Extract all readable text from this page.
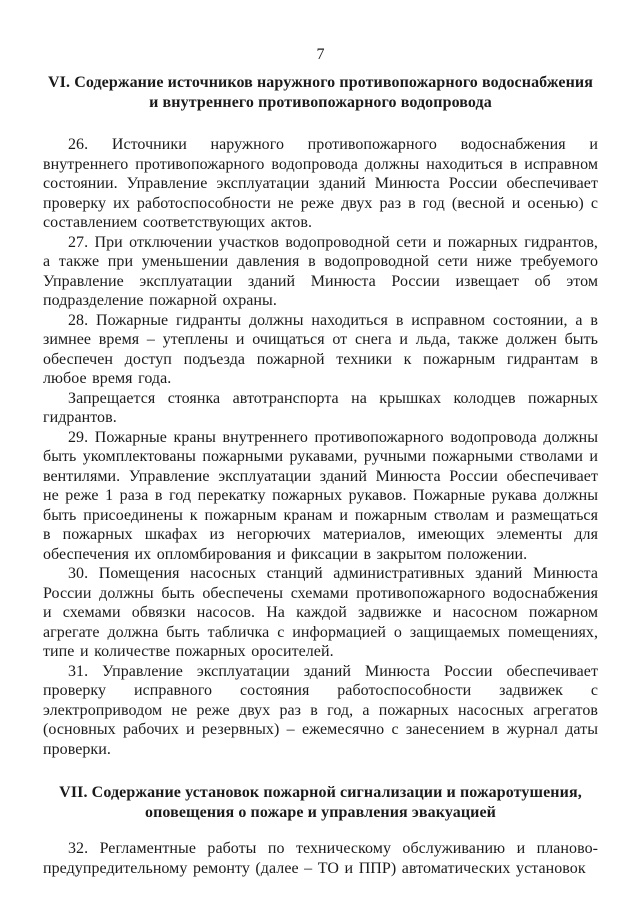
7
VI. Содержание источников наружного противопожарного водоснабжения
и внутреннего противопожарного водопровода

26. Источники наружного противопожарного водоснабжения и внутреннего противопожарного водопровода должны находиться в исправном состоянии. Управление эксплуатации зданий Минюста России обеспечивает проверку их работоспособности не реже двух раз в год (весной и осенью) с составлением соответствующих актов.

27. При отключении участков водопроводной сети и пожарных гидрантов, а также при уменьшении давления в водопроводной сети ниже требуемого Управление эксплуатации зданий Минюста России извещает об этом подразделение пожарной охраны.

28. Пожарные гидранты должны находиться в исправном состоянии, а в зимнее время – утеплены и очищаться от снега и льда, также должен быть обеспечен доступ подъезда пожарной техники к пожарным гидрантам в любое время года.

Запрещается стоянка автотранспорта на крышках колодцев пожарных гидрантов.

29. Пожарные краны внутреннего противопожарного водопровода должны быть укомплектованы пожарными рукавами, ручными пожарными стволами и вентилями. Управление эксплуатации зданий Минюста России обеспечивает не реже 1 раза в год перекатку пожарных рукавов. Пожарные рукава должны быть присоединены к пожарным кранам и пожарным стволам и размещаться в пожарных шкафах из негорючих материалов, имеющих элементы для обеспечения их опломбирования и фиксации в закрытом положении.

30. Помещения насосных станций административных зданий Минюста России должны быть обеспечены схемами противопожарного водоснабжения и схемами обвязки насосов. На каждой задвижке и насосном пожарном агрегате должна быть табличка с информацией о защищаемых помещениях, типе и количестве пожарных оросителей.

31. Управление эксплуатации зданий Минюста России обеспечивает проверку исправного состояния работоспособности задвижек с электроприводом не реже двух раз в год, а пожарных насосных агрегатов (основных рабочих и резервных) – ежемесячно с занесением в журнал даты проверки.

VII. Содержание установок пожарной сигнализации и пожаротушения,
оповещения о пожаре и управления эвакуацией

32. Регламентные работы по техническому обслуживанию и планово-предупредительному ремонту (далее – ТО и ППР) автоматических установок
